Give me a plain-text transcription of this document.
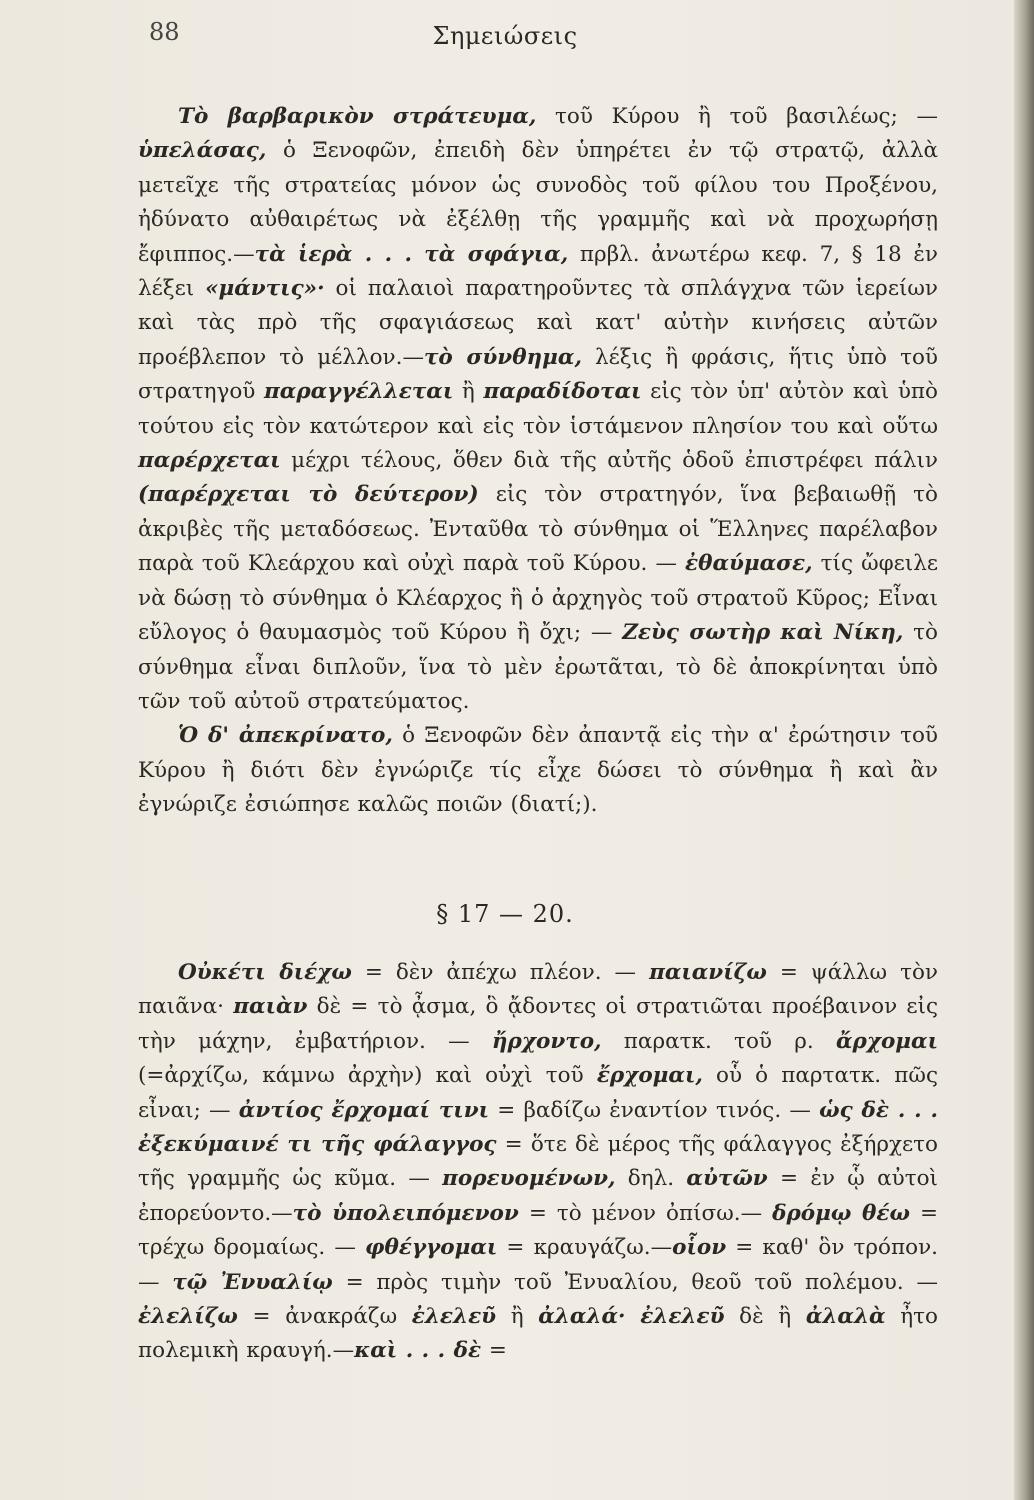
88	Σημειώσεις

Τὸ βαρβαρικὸν στράτευμα, τοῦ Κύρου ἢ τοῦ βασιλέως; — ὑπελάσας, ὁ Ξενοφῶν, ἐπειδὴ δὲν ὑπηρέτει ἐν τῷ στρατῷ, ἀλλὰ μετεῖχε τῆς στρατείας μόνον ὡς συνοδὸς τοῦ φίλου του Προξένου, ἠδύνατο αὐθαιρέτως νὰ ἐξέλθῃ τῆς γραμμῆς καὶ νὰ προχωρήσῃ ἔφιππος.—τὰ ἱερὰ . . . τὰ σφάγια, πρβλ. ἀνωτέρω κεφ. 7, § 18 ἐν λέξει «μάντις»· οἱ παλαιοὶ παρατηροῦντες τὰ σπλάγχνα τῶν ἱερείων καὶ τὰς πρὸ τῆς σφαγιάσεως καὶ κατ' αὐτὴν κινήσεις αὐτῶν προέβλεπον τὸ μέλλον.—τὸ σύνθημα, λέξις ἢ φράσις, ἥτις ὑπὸ τοῦ στρατηγοῦ παραγγέλλεται ἢ παραδίδοται εἰς τὸν ὑπ' αὐτὸν καὶ ὑπὸ τούτου εἰς τὸν κατώτερον καὶ εἰς τὸν ἱστάμενον πλησίον του καὶ οὕτω παρέρχεται μέχρι τέλους, ὅθεν διὰ τῆς αὐτῆς ὁδοῦ ἐπιστρέφει πάλιν (παρέρχεται τὸ δεύτερον) εἰς τὸν στρατηγόν, ἵνα βεβαιωθῇ τὸ ἀκριβὲς τῆς μεταδόσεως. Ἐνταῦθα τὸ σύνθημα οἱ Ἕλληνες παρέλαβον παρὰ τοῦ Κλεάρχου καὶ οὐχὶ παρὰ τοῦ Κύρου. — ἐθαύμασε, τίς ὤφειλε νὰ δώσῃ τὸ σύνθημα ὁ Κλέαρχος ἢ ὁ ἀρχηγὸς τοῦ στρατοῦ Κῦρος; Εἶναι εὔλογος ὁ θαυμασμὸς τοῦ Κύρου ἢ ὄχι; — Ζεὺς σωτὴρ καὶ Νίκη, τὸ σύνθημα εἶναι διπλοῦν, ἵνα τὸ μὲν ἐρωτᾶται, τὸ δὲ ἀποκρίνηται ὑπὸ τῶν τοῦ αὐτοῦ στρατεύματος.

Ὁ δ' ἀπεκρίνατο, ὁ Ξενοφῶν δὲν ἀπαντᾷ εἰς τὴν α' ἐρώτησιν τοῦ Κύρου ἢ διότι δὲν ἐγνώριζε τίς εἶχε δώσει τὸ σύνθημα ἢ καὶ ἂν ἐγνώριζε ἐσιώπησε καλῶς ποιῶν (διατί;).

§ 17 — 20.

Οὐκέτι διέχω = δὲν ἀπέχω πλέον. — παιανίζω = ψάλλω τὸν παιᾶνα· παιὰν δὲ = τὸ ᾆσμα, ὃ ᾄδοντες οἱ στρατιῶται προέβαινον εἰς τὴν μάχην, ἐμβατήριον. — ἤρχοντο, παρατκ. τοῦ ρ. ἄρχομαι (=ἀρχίζω, κάμνω ἀρχὴν) καὶ οὐχὶ τοῦ ἔρχομαι, οὗ ὁ παρτατκ. πῶς εἶναι; — ἀντίος ἔρχομαί τινι = βαδίζω ἐναντίον τινός. — ὡς δὲ . . . ἐξεκύμαινέ τι τῆς φάλαγγος = ὅτε δὲ μέρος τῆς φάλαγγος ἐξήρχετο τῆς γραμμῆς ὡς κῦμα. — πορευομένων, δηλ. αὐτῶν = ἐν ᾧ αὐτοὶ ἐπορεύοντο.—τὸ ὑπολειπόμενον = τὸ μένον ὀπίσω.— δρόμῳ θέω = τρέχω δρομαίως. — φθέγγομαι = κραυγάζω.—οἷον = καθ' ὃν τρόπον. — τῷ Ἐνυαλίῳ = πρὸς τιμὴν τοῦ Ἐνυαλίου, θεοῦ τοῦ πολέμου. — ἐλελίζω = ἀνακράζω ἐλελεῦ ἢ ἀλαλά· ἐλελεῦ δὲ ἢ ἀλαλὰ ἦτο πολεμικὴ κραυγή.—καὶ . . . δὲ =
